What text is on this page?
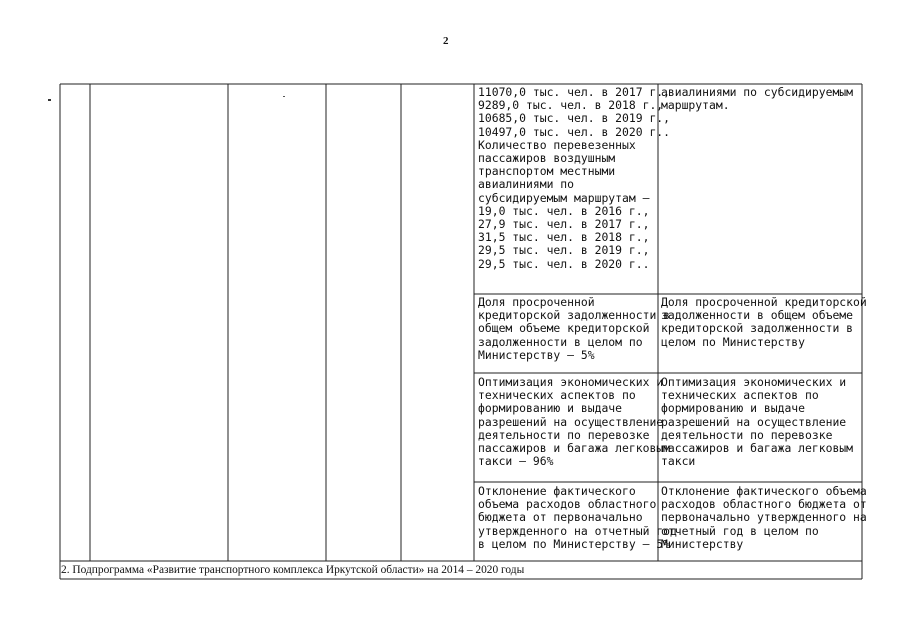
2
11070,0 тыс. чел. в 2017 г.,
9289,0 тыс. чел. в 2018 г.,
10685,0 тыс. чел. в 2019 г.,
10497,0 тыс. чел. в 2020 г..
Количество перевезенных
пассажиров воздушным
транспортом местными
авиалиниями по
субсидируемым маршрутам –
19,0 тыс. чел. в 2016 г.,
27,9 тыс. чел. в 2017 г.,
31,5 тыс. чел. в 2018 г.,
29,5 тыс. чел. в 2019 г.,
29,5 тыс. чел. в 2020 г..
авиалиниями по субсидируемым
маршрутам.
Доля просроченной
кредиторской задолженности в
общем объеме кредиторской
задолженности в целом по
Министерству – 5%
Доля просроченной кредиторской
задолженности в общем объеме
кредиторской задолженности в
целом по Министерству
Оптимизация экономических и
технических аспектов по
формированию и выдаче
разрешений на осуществление
деятельности по перевозке
пассажиров и багажа легковым
такси – 96%
Оптимизация экономических и
технических аспектов по
формированию и выдаче
разрешений на осуществление
деятельности по перевозке
пассажиров и багажа легковым
такси
Отклонение фактического
объема расходов областного
бюджета от первоначально
утвержденного на отчетный год
в целом по Министерству – 5%
Отклонение фактического объема
расходов областного бюджета от
первоначально утвержденного на
отчетный год в целом по
Министерству
2. Подпрограмма «Развитие транспортного комплекса Иркутской области» на 2014 – 2020 годы
